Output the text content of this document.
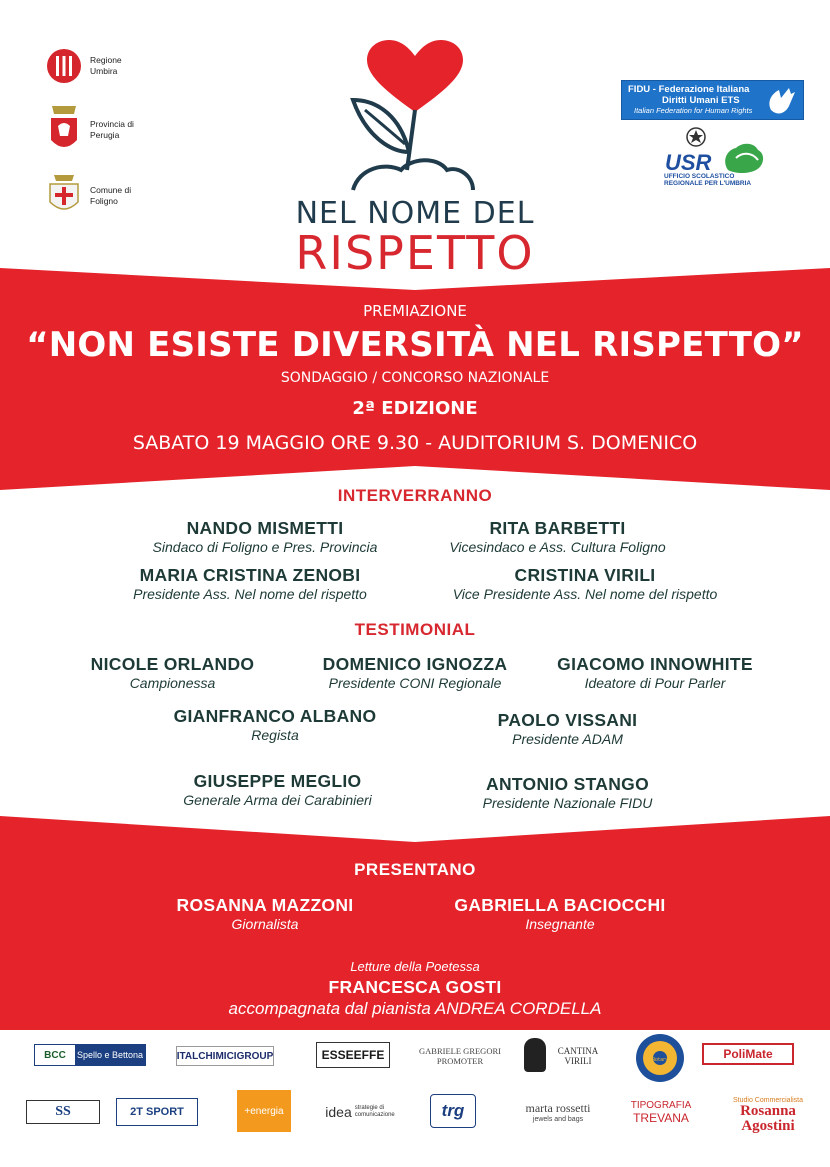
Regione
Umbira
Provincia di
Perugia
Comune di
Foligno	NEL NOME DEL
RISPETTO
FIDU - Federazione Italiana
Diritti Umani ETS
Italian Federation for Human Rights
USR
UFFICIO SCOLASTICO REGIONALE PER L'UMBRIA
PREMIAZIONE
“NON ESISTE DIVERSITÀ NEL RISPETTO”
SONDAGGIO / CONCORSO NAZIONALE
2ª EDIZIONE
SABATO 19 MAGGIO ORE 9.30 - AUDITORIUM S. DOMENICO
INTERVERRANNO
NANDO MISMETTI
Sindaco di Foligno e Pres. Provincia
RITA BARBETTI
Vicesindaco e Ass. Cultura Foligno
MARIA CRISTINA ZENOBI
Presidente Ass. Nel nome del rispetto
CRISTINA VIRILI
Vice Presidente Ass. Nel nome del rispetto
TESTIMONIAL
NICOLE ORLANDO
Campionessa
DOMENICO IGNOZZA
Presidente CONI Regionale
GIACOMO INNOWHITE
Ideatore di Pour Parler
GIANFRANCO ALBANO
Regista
PAOLO VISSANI
Presidente ADAM
GIUSEPPE MEGLIO
Generale Arma dei Carabinieri
ANTONIO STANGO
Presidente Nazionale FIDU
PRESENTANO
ROSANNA MAZZONI
Giornalista
GABRIELLA BACIOCCHI
Insegnante
Letture della Poetessa
FRANCESCA GOSTI
accompagnata dal pianista ANDREA CORDELLA
BCC	Spello e Bettona	ITALCHIMICIGROUP	ESSEEFFE	GABRIELE GREGORI
PROMOTER
CANTINA
VIRILI	Rotary	PoliMate
SS	2T SPORT	+energia	idea strategie di comunicazione	trg	marta rossetti
jewels and bags
TIPOGRAFIA
TREVANA
Studio Commercialista
Rosanna
Agostini
